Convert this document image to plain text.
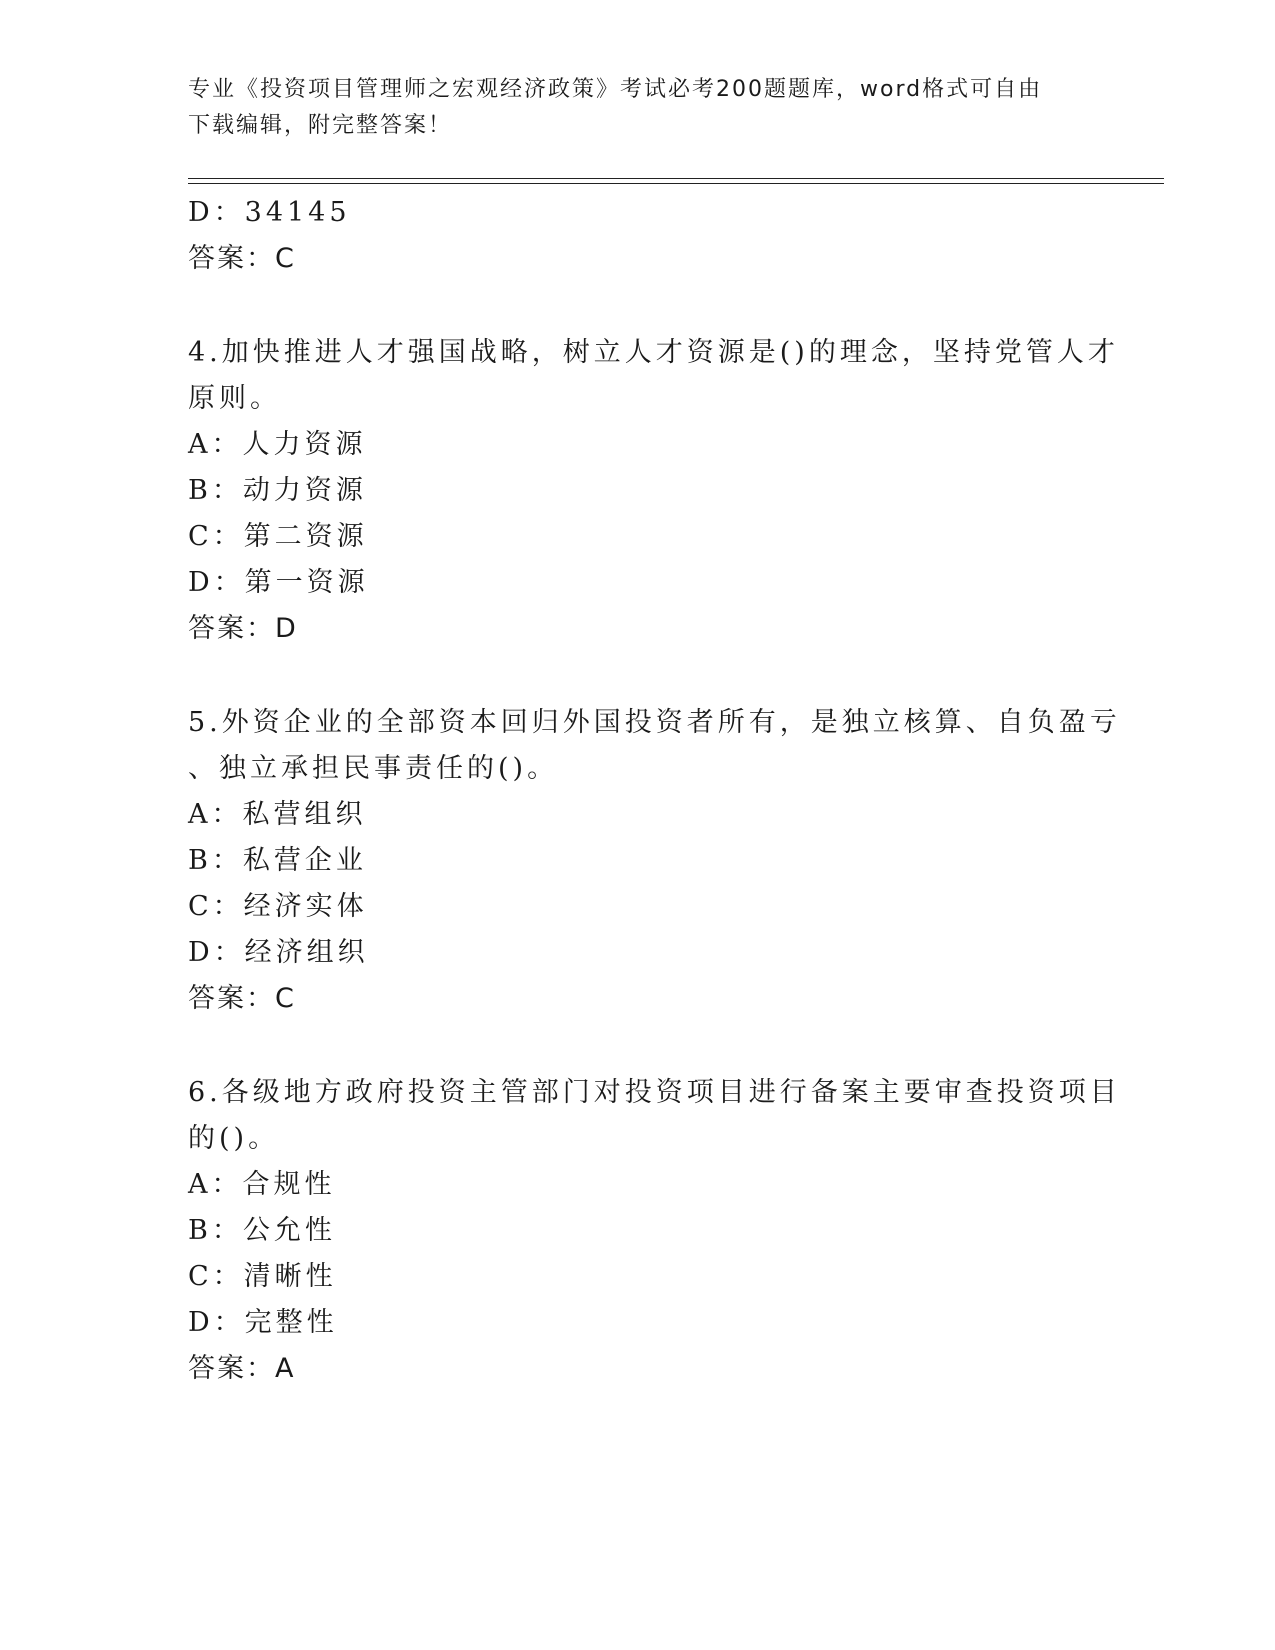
专业《投资项目管理师之宏观经济政策》考试必考200题题库，word格式可自由
下载编辑，附完整答案！
D：34145
答案：C
4.加快推进人才强国战略，树立人才资源是()的理念，坚持党管人才
原则。
A：人力资源
B：动力资源
C：第二资源
D：第一资源
答案：D
5.外资企业的全部资本回归外国投资者所有，是独立核算、自负盈亏
、独立承担民事责任的()。
A：私营组织
B：私营企业
C：经济实体
D：经济组织
答案：C
6.各级地方政府投资主管部门对投资项目进行备案主要审查投资项目
的()。
A：合规性
B：公允性
C：清晰性
D：完整性
答案：A
